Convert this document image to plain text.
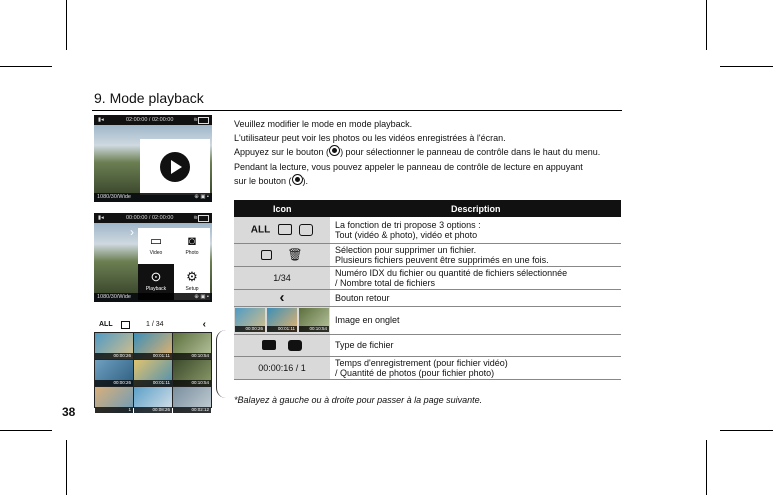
9. Mode playback
38
▮◂	02:00:00 / 02:00:00	≋
1080/30/Wide	⊕ ▣ ▪
▮◂	00:00:00 / 02:00:00	≋
›
▭
Video
◙
Photo
⊙
Playback
⚙
Setup
1080/30/Wide	⊕ ▣ ▪
ALL	1 / 34	‹
00:00:26	00:01:11	00:10:54
00:00:26	00:01:11	00:10:54
1	00:08:26	00:02:12
Veuillez modifier le mode en mode playback.
L'utilisateur peut voir les photos ou les vidéos enregistrées à l'écran.
Appuyez sur le bouton ( ) pour sélectionner le panneau de contrôle dans le haut du menu.
Pendant la lecture, vous pouvez appeler le panneau de contrôle de lecture en appuyant
sur le bouton ( ).
Icon	Description
ALL	La fonction de tri propose 3 options :
Tout (vidéo & photo), vidéo et photo

🗑	Sélection pour supprimer un fichier.
Plusieurs fichiers peuvent être supprimés en une fois.

1/34	Numéro IDX du fichier ou quantité de fichiers sélectionnée
/ Nombre total de fichiers

‹	Bouton retour

00:00:26 00:01:11 00:10:54	Image en onglet
	Type de fichier
00:00:16 / 1	Temps d'enregistrement (pour fichier vidéo)
/ Quantité de photos (pour fichier photo)
*Balayez à gauche ou à droite pour passer à la page suivante.
